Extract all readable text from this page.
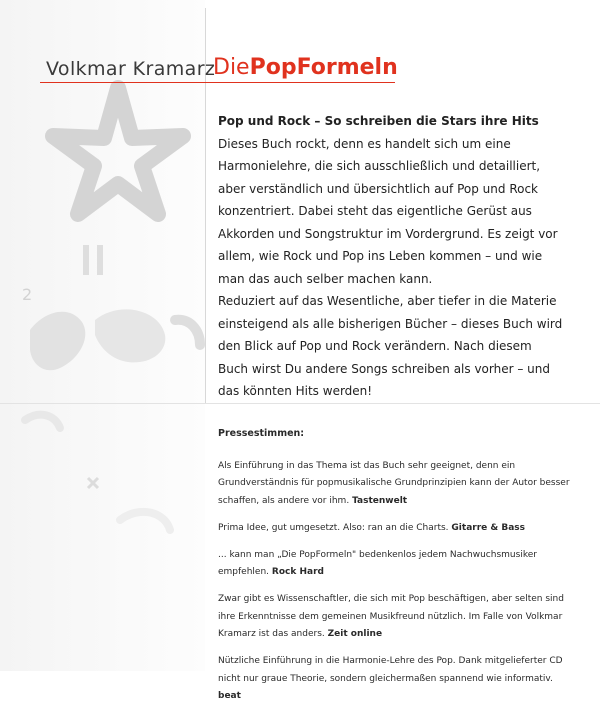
2
Volkmar Kramarz
DiePopFormeln
Pop und Rock – So schreiben die Stars ihre Hits

Dieses Buch rockt, denn es handelt sich um eine Harmonielehre, die sich ausschließlich und detailliert, aber verständlich und übersichtlich auf Pop und Rock konzentriert. Dabei steht das eigentliche Gerüst aus Akkorden und Songstruktur im Vordergrund. Es zeigt vor allem, wie Rock und Pop ins Leben kommen – und wie man das auch selber machen kann.

Reduziert auf das Wesentliche, aber tiefer in die Materie einsteigend als alle bisherigen Bücher – dieses Buch wird den Blick auf Pop und Rock verändern. Nach diesem Buch wirst Du andere Songs schreiben als vorher – und das könnten Hits werden!

Pressestimmen:

Als Einführung in das Thema ist das Buch sehr geeignet, denn ein Grundverständnis für popmusikalische Grundprinzipien kann der Autor besser schaffen, als andere vor ihm. Tastenwelt

Prima Idee, gut umgesetzt. Also: ran an die Charts. Gitarre & Bass

... kann man „Die PopFormeln" bedenkenlos jedem Nachwuchsmusiker empfehlen. Rock Hard

Zwar gibt es Wissenschaftler, die sich mit Pop beschäftigen, aber selten sind ihre Erkenntnisse dem gemeinen Musikfreund nützlich. Im Falle von Volkmar Kramarz ist das anders. Zeit online

Nützliche Einführung in die Harmonie-Lehre des Pop. Dank mitgelieferter CD nicht nur graue Theorie, sondern gleichermaßen spannend wie informativ. beat
